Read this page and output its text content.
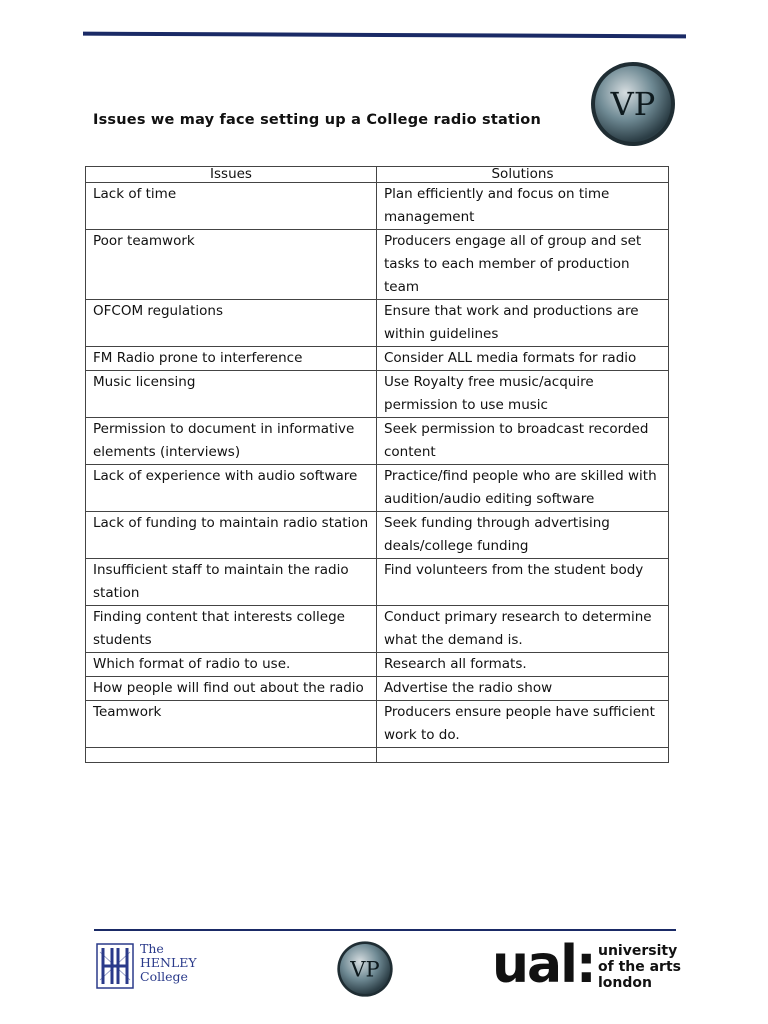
VP
Issues we may face setting up a College radio station
Issues	Solutions
Lack of time	Plan efficiently and focus on time management
Poor teamwork	Producers engage all of group and set tasks to each member of production team
OFCOM regulations	Ensure that work and productions are within guidelines
FM Radio prone to interference	Consider ALL media formats for radio
Music licensing	Use Royalty free music/acquire permission to use music
Permission to document in informative elements (interviews)	Seek permission to broadcast recorded content
Lack of experience with audio software	Practice/find people who are skilled with audition/audio editing software
Lack of funding to maintain radio station	Seek funding through advertising deals/college funding
Insufficient staff to maintain the radio station	Find volunteers from the student body
Finding content that interests college students	Conduct primary research to determine what the demand is.
Which format of radio to use.	Research all formats.
How people will find out about the radio	Advertise the radio show
Teamwork	Producers ensure people have sufficient work to do.

The
HENLEY
College	VP ual: university
of the arts
london
